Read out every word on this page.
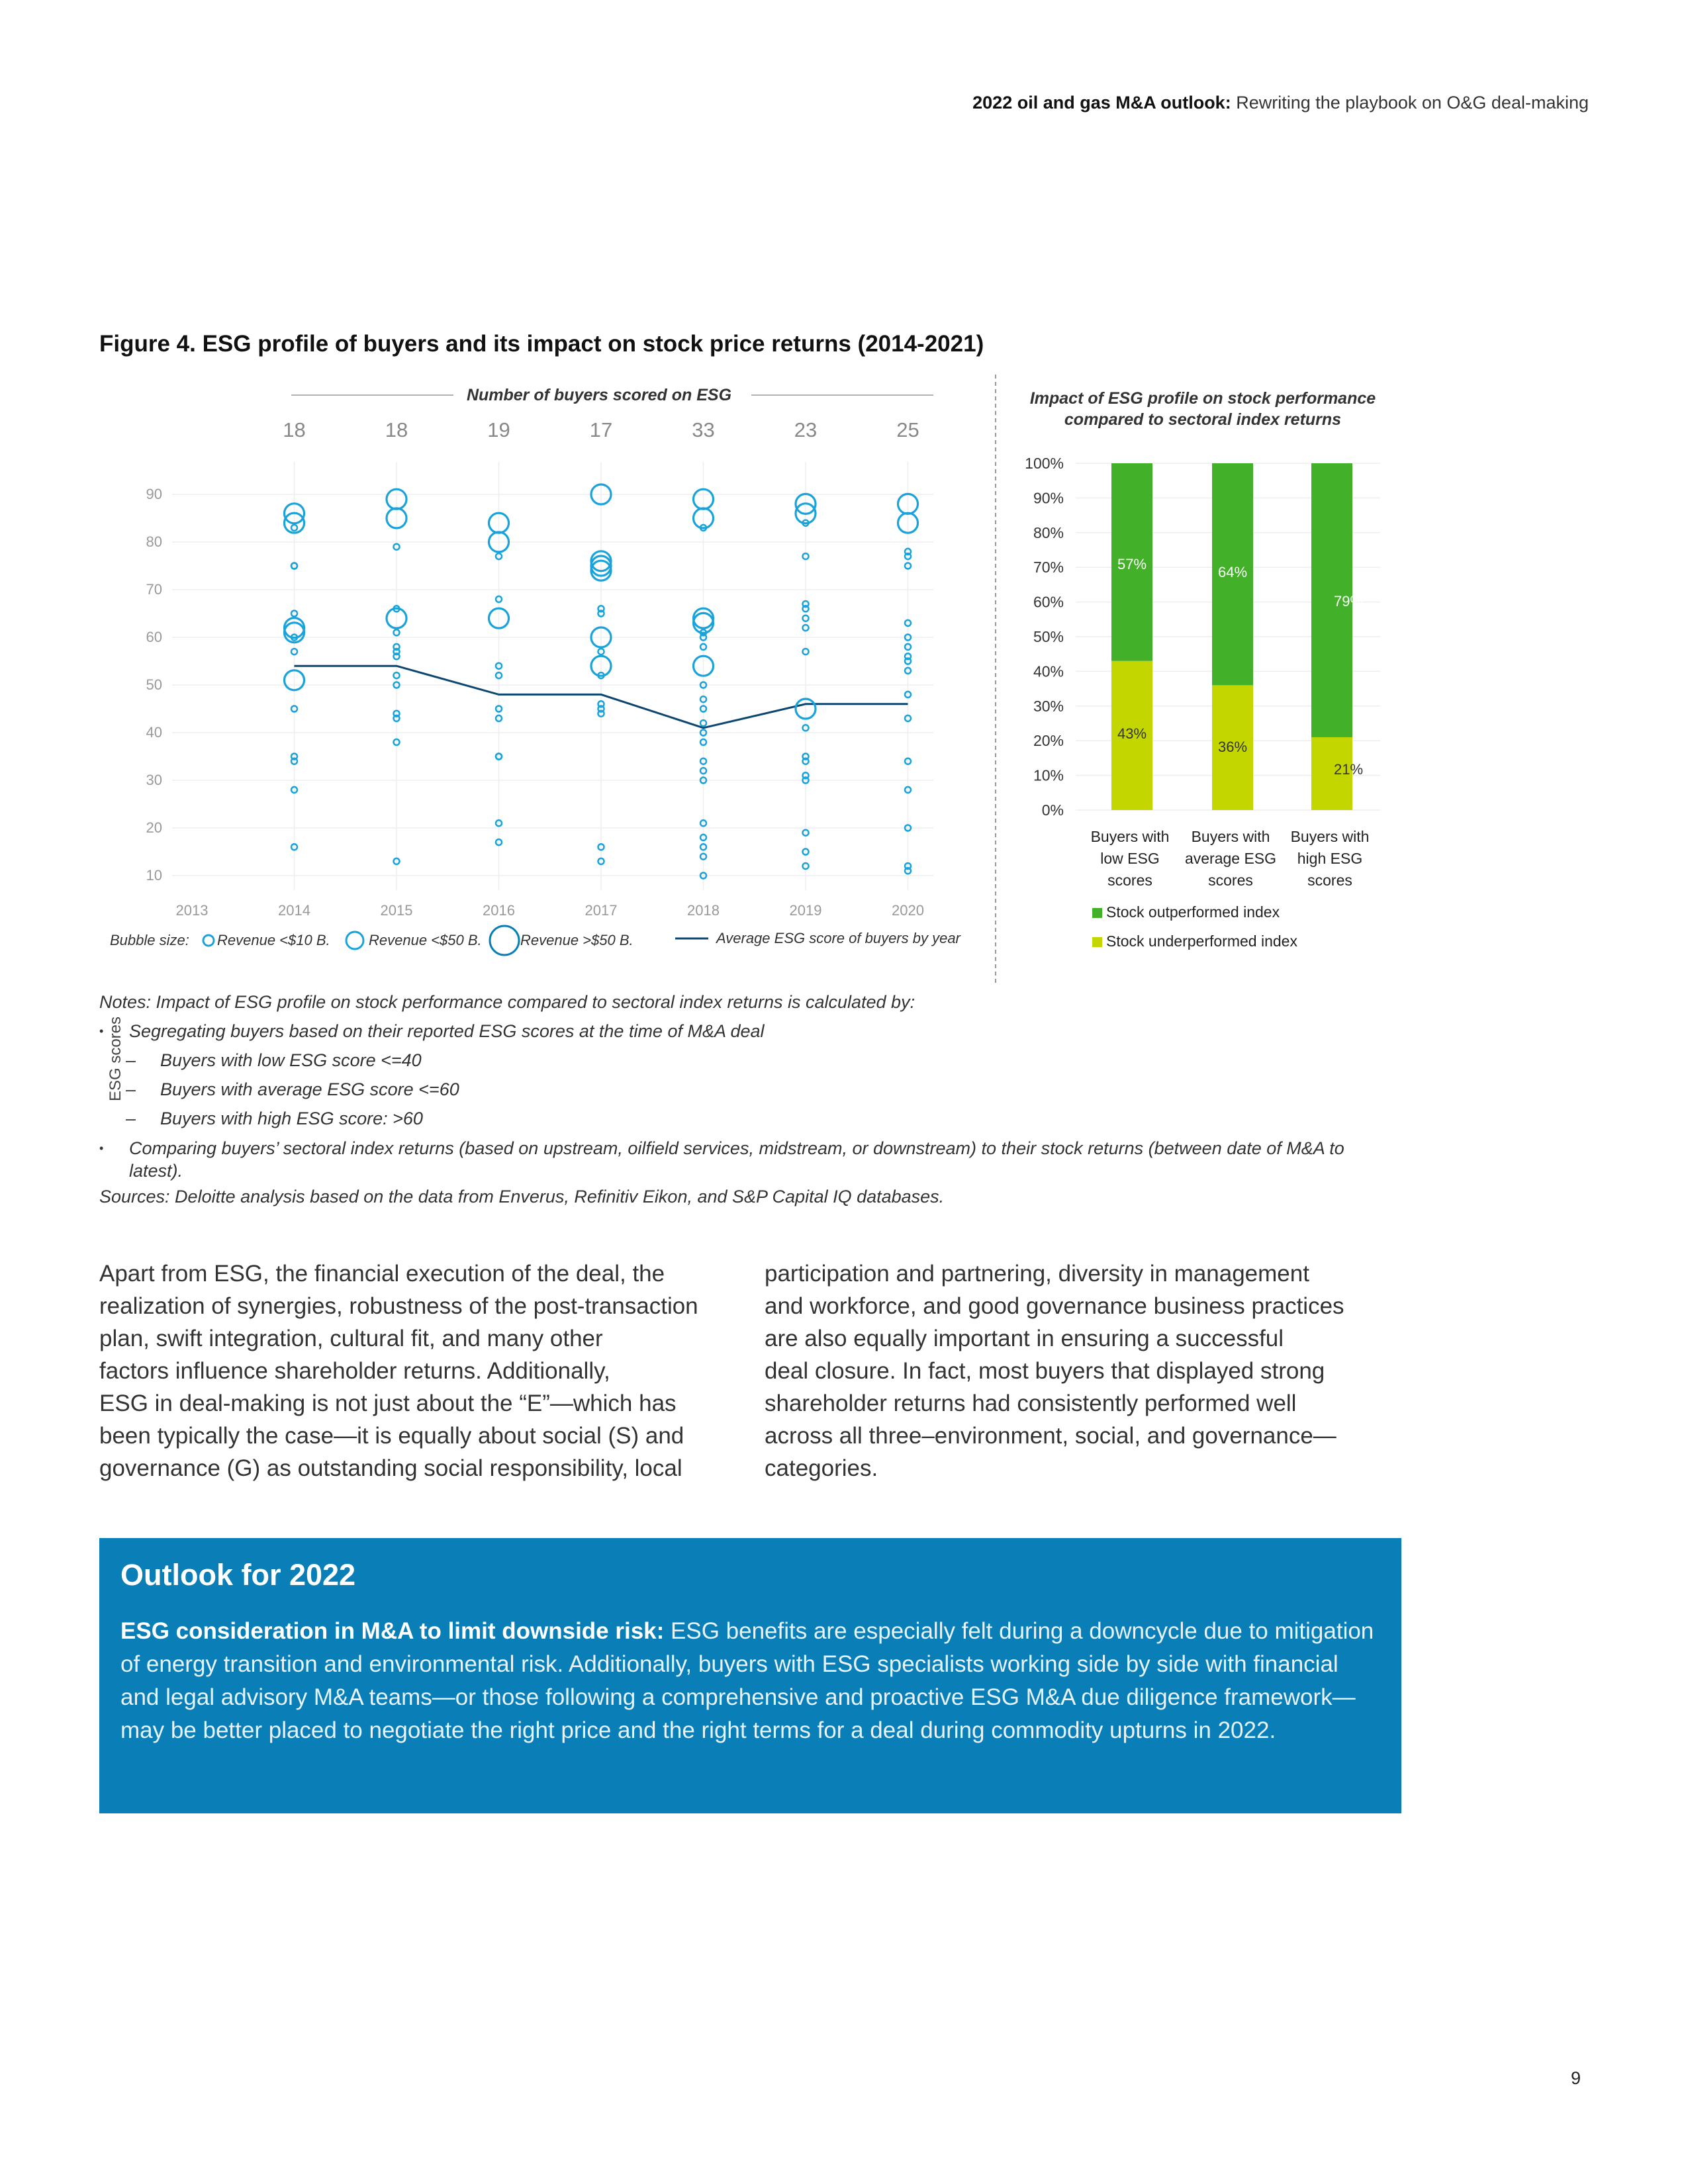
2022 oil and gas M&A outlook: Rewriting the playbook on O&G deal-making
Figure 4. ESG profile of buyers and its impact on stock price returns (2014-2021)
Number of buyers scored on ESG
ESG scores
18	18	19	17	33	23	25
90
80
70
60
50
40
30
20
10
2013	2014	2015	2016	2017	2018	2019	2020
Bubble size: Revenue <$10 B.	Revenue <$50 B.	Revenue >$50 B.	Average ESG score of buyers by year
Impact of ESG profile on stock performance
compared to sectoral index returns
100%
90%
80%
70%
60%
50%
40%
30%
20%
10%
0%
57%
43%
64%
36%
79%
21%
Buyers with
low ESG
scores
Buyers with
average ESG
scores
Buyers with
high ESG
scores
Stock outperformed index
Stock underperformed index
Notes: Impact of ESG profile on stock performance compared to sectoral index returns is calculated by:
• Segregating buyers based on their reported ESG scores at the time of M&A deal
– Buyers with low ESG score <=40
– Buyers with average ESG score <=60
– Buyers with high ESG score: >60
• Comparing buyers’ sectoral index returns (based on upstream, oilfield services, midstream, or downstream) to their stock returns (between date of M&A to latest).
Sources: Deloitte analysis based on the data from Enverus, Refinitiv Eikon, and S&P Capital IQ databases.
Apart from ESG, the financial execution of the deal, the
realization of synergies, robustness of the post-transaction
plan, swift integration, cultural fit, and many other
factors influence shareholder returns. Additionally,
ESG in deal-making is not just about the “E”—which has
been typically the case—it is equally about social (S) and
governance (G) as outstanding social responsibility, local
participation and partnering, diversity in management
and workforce, and good governance business practices
are also equally important in ensuring a successful
deal closure. In fact, most buyers that displayed strong
shareholder returns had consistently performed well
across all three–environment, social, and governance—
categories.
Outlook for 2022

ESG consideration in M&A to limit downside risk: ESG benefits are especially felt during a downcycle due to mitigation of energy transition and environmental risk. Additionally, buyers with ESG specialists working side by side with financial and legal advisory M&A teams—or those following a comprehensive and proactive ESG M&A due diligence framework—may be better placed to negotiate the right price and the right terms for a deal during commodity upturns in 2022.

9
